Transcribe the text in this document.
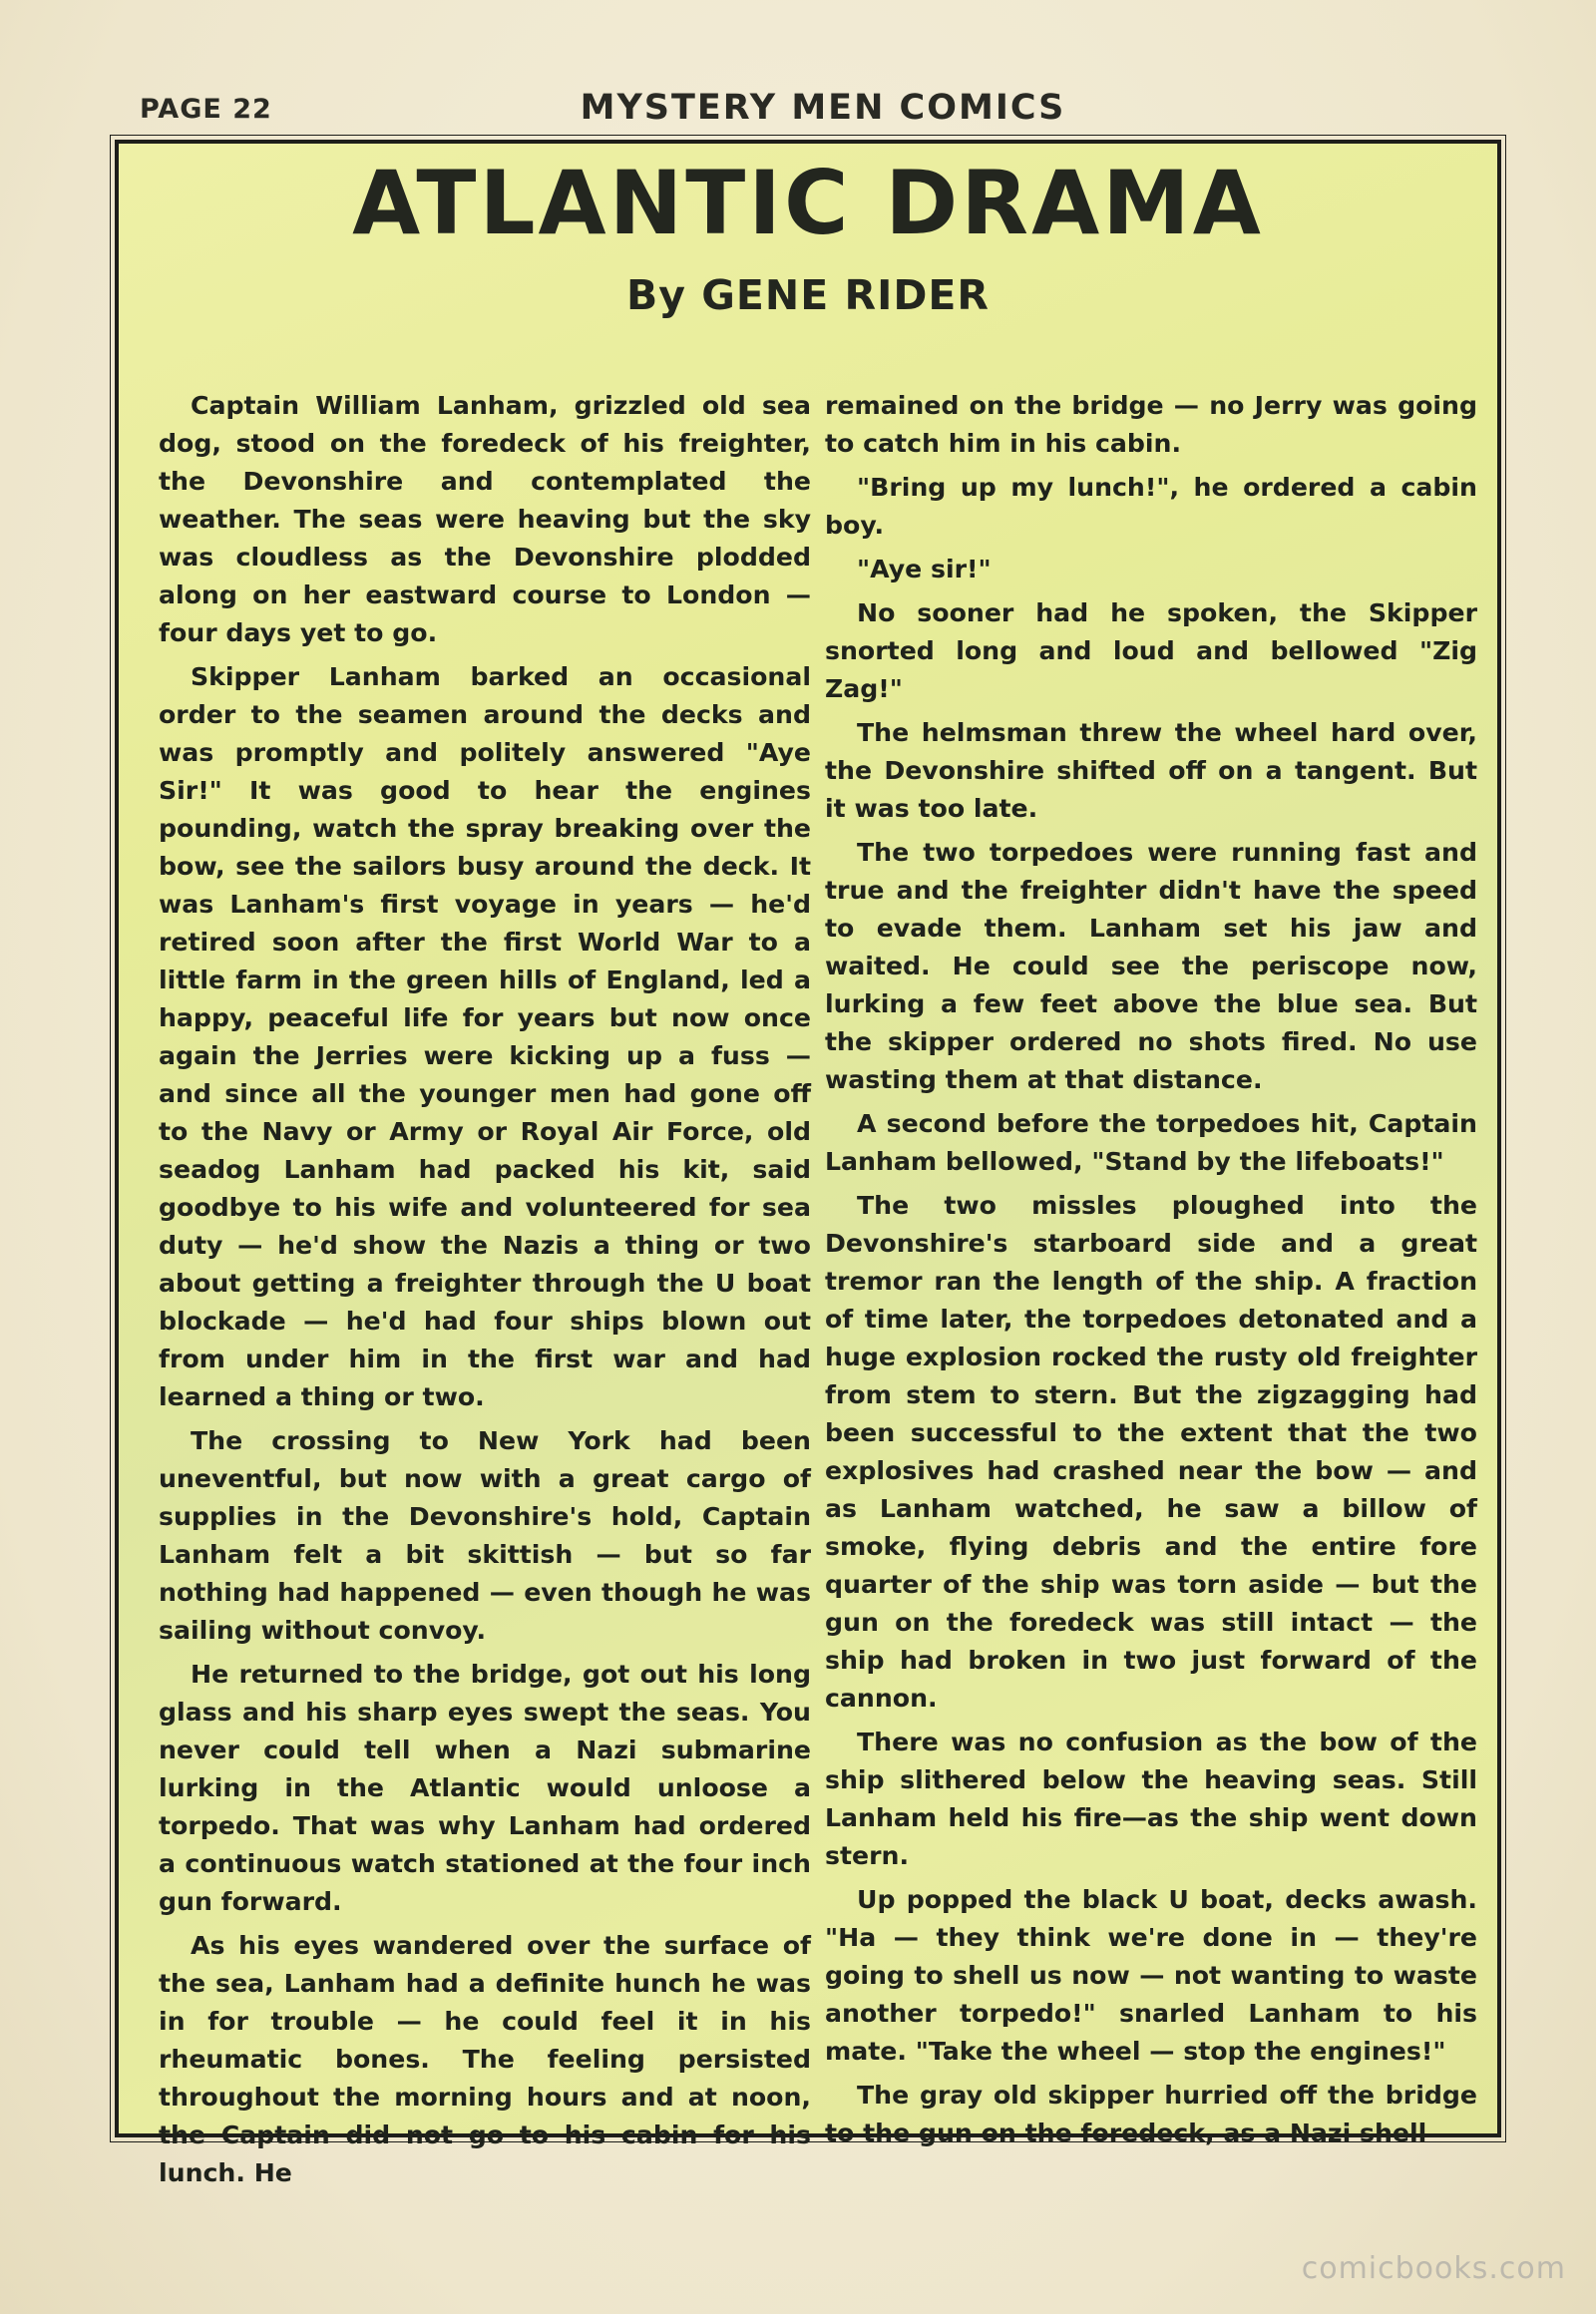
PAGE 22	MYSTERY MEN COMICS
ATLANTIC DRAMA
By GENE RIDER

Captain William Lanham, grizzled old sea dog, stood on the foredeck of his freighter, the Devonshire and contemplated the weather. The seas were heaving but the sky was cloudless as the Devonshire plodded along on her eastward course to London — four days yet to go.

Skipper Lanham barked an occasional order to the seamen around the decks and was promptly and politely answered "Aye Sir!" It was good to hear the engines pounding, watch the spray breaking over the bow, see the sailors busy around the deck. It was Lanham's first voyage in years — he'd retired soon after the first World War to a little farm in the green hills of England, led a happy, peaceful life for years but now once again the Jerries were kicking up a fuss — and since all the younger men had gone off to the Navy or Army or Royal Air Force, old seadog Lanham had packed his kit, said goodbye to his wife and volunteered for sea duty — he'd show the Nazis a thing or two about getting a freighter through the U boat blockade — he'd had four ships blown out from under him in the first war and had learned a thing or two.

The crossing to New York had been uneventful, but now with a great cargo of supplies in the Devonshire's hold, Captain Lanham felt a bit skittish — but so far nothing had happened — even though he was sailing without convoy.

He returned to the bridge, got out his long glass and his sharp eyes swept the seas. You never could tell when a Nazi submarine lurking in the Atlantic would unloose a torpedo. That was why Lanham had ordered a continuous watch stationed at the four inch gun forward.

As his eyes wandered over the surface of the sea, Lanham had a definite hunch he was in for trouble — he could feel it in his rheumatic bones. The feeling persisted throughout the morning hours and at noon, the Captain did not go to his cabin for his lunch. He

remained on the bridge — no Jerry was going to catch him in his cabin.

"Bring up my lunch!", he ordered a cabin boy.

"Aye sir!"

No sooner had he spoken, the Skipper snorted long and loud and bellowed "Zig Zag!"

The helmsman threw the wheel hard over, the Devonshire shifted off on a tangent. But it was too late.

The two torpedoes were running fast and true and the freighter didn't have the speed to evade them. Lanham set his jaw and waited. He could see the periscope now, lurking a few feet above the blue sea. But the skipper ordered no shots fired. No use wasting them at that distance.

A second before the torpedoes hit, Captain Lanham bellowed, "Stand by the lifeboats!"

The two missles ploughed into the Devonshire's starboard side and a great tremor ran the length of the ship. A fraction of time later, the torpedoes detonated and a huge explosion rocked the rusty old freighter from stem to stern. But the zigzagging had been successful to the extent that the two explosives had crashed near the bow — and as Lanham watched, he saw a billow of smoke, flying debris and the entire fore quarter of the ship was torn aside — but the gun on the foredeck was still intact — the ship had broken in two just forward of the cannon.

There was no confusion as the bow of the ship slithered below the heaving seas. Still Lanham held his fire—as the ship went down stern.

Up popped the black U boat, decks awash. "Ha — they think we're done in — they're going to shell us now — not wanting to waste another torpedo!" snarled Lanham to his mate. "Take the wheel — stop the engines!"

The gray old skipper hurried off the bridge to the gun on the foredeck, as a Nazi shell

comicbooks.com
